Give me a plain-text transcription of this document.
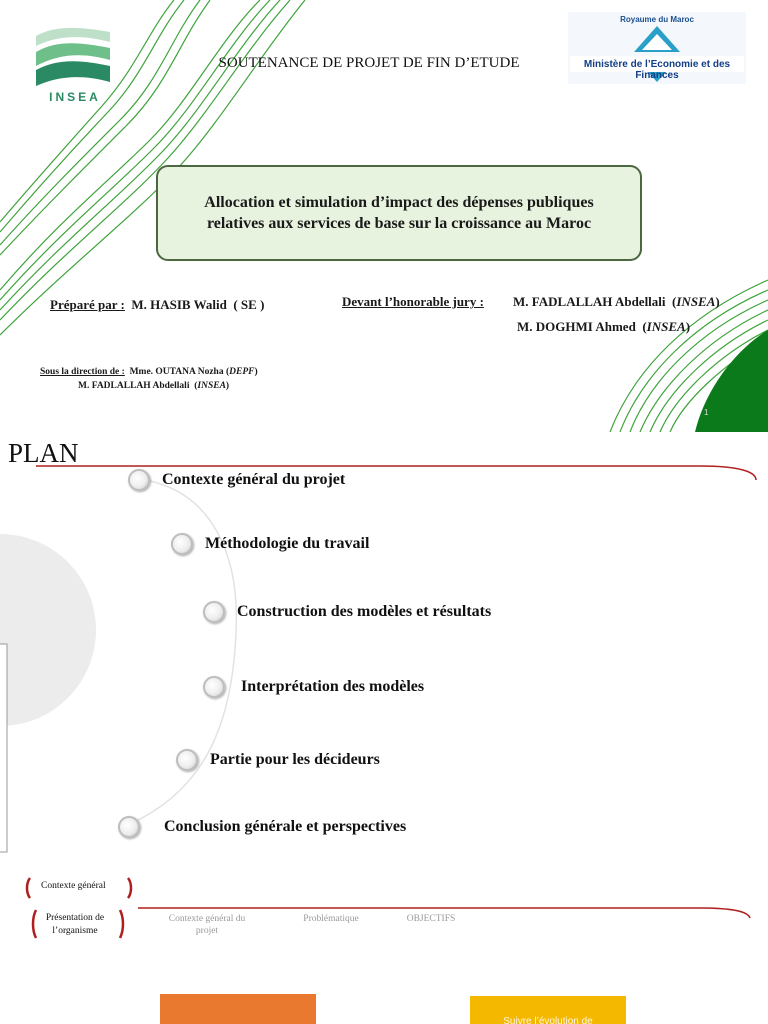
INSEA
SOUTENANCE DE PROJET DE FIN D’ETUDE
Royaume du Maroc
Ministère de l’Economie et des Finances
Allocation et simulation d’impact des dépenses publiques relatives aux services de base sur la croissance au Maroc
Préparé par : M. HASIB Walid ( SE )	Devant l’honorable jury : M. FADLALLAH Abdellali  (INSEA)
M. DOGHMI Ahmed  (INSEA)
Sous la direction de : Mme. OUTANA Nozha (DEPF)
M. FADLALLAH Abdellali  (INSEA)
1
PLAN
Contexte général du projet
Méthodologie du travail
Construction des modèles et résultats
Interprétation des modèles
Partie pour les décideurs
Conclusion générale et perspectives
Contexte général
Présentation de l’organisme
Contexte général du projet
Problématique	OBJECTIFS
Suivre l’évolution de
